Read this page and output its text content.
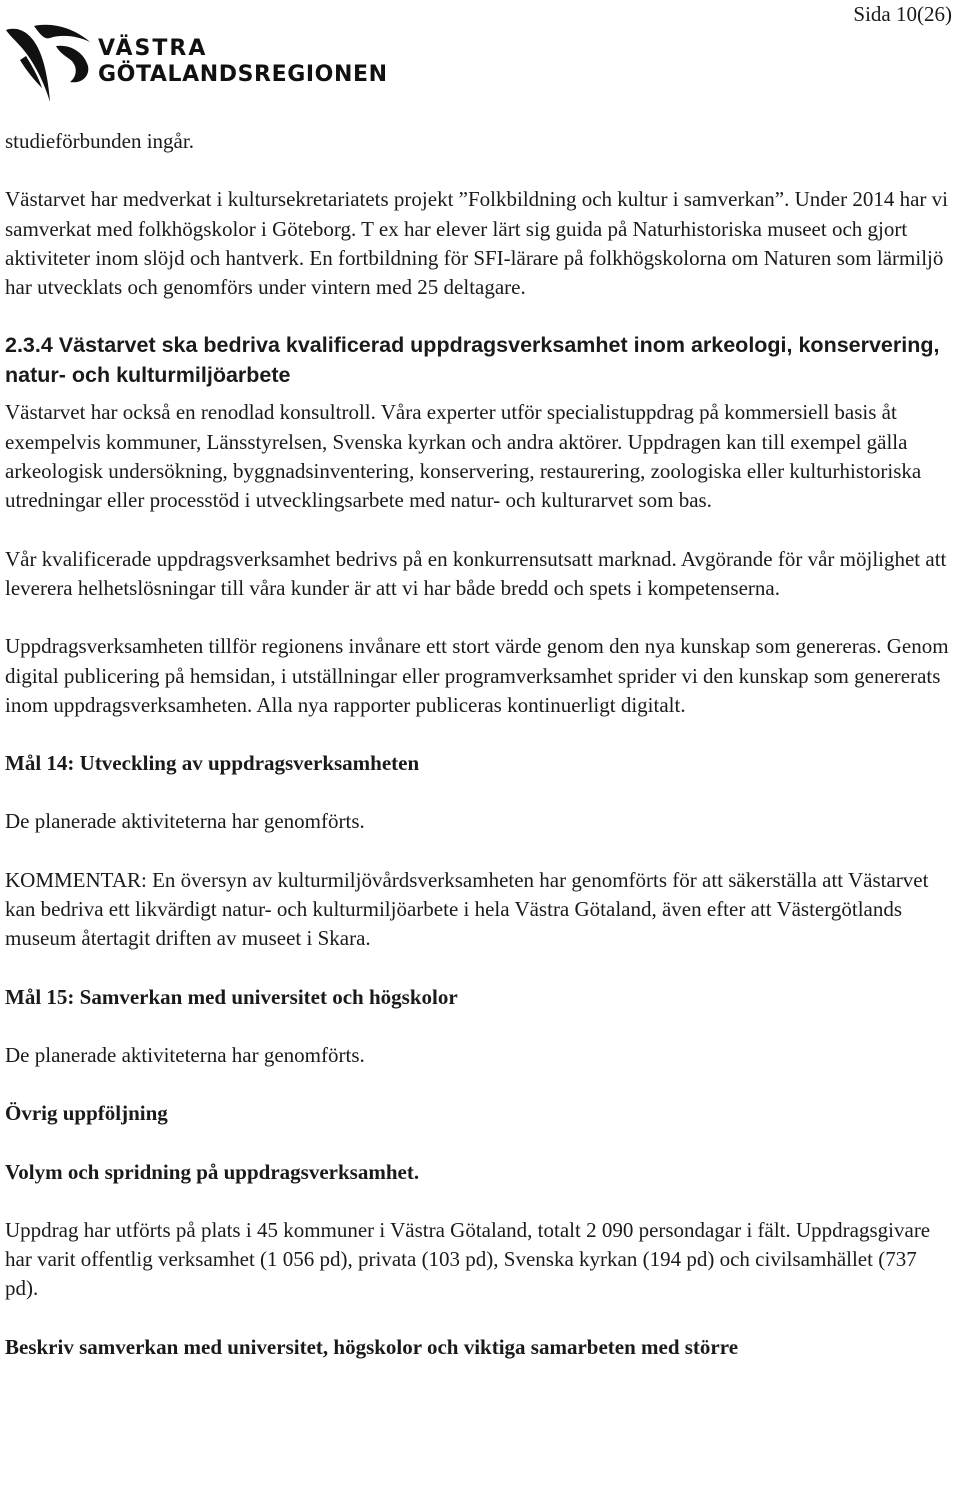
Sida 10(26)
VÄSTRA
GÖTALANDSREGIONEN

studieförbunden ingår.

Västarvet har medverkat i kultursekretariatets projekt ”Folkbildning och kultur i samverkan”. Under 2014 har vi samverkat med folkhögskolor i Göteborg. T ex har elever lärt sig guida på Naturhistoriska museet och gjort aktiviteter inom slöjd och hantverk. En fortbildning för SFI-lärare på folkhögskolorna om Naturen som lärmiljö har utvecklats och genomförs under vintern med 25 deltagare.

2.3.4 Västarvet ska bedriva kvalificerad uppdragsverksamhet inom arkeologi, konservering, natur- och kulturmiljöarbete

Västarvet har också en renodlad konsultroll. Våra experter utför specialistuppdrag på kommersiell basis åt exempelvis kommuner, Länsstyrelsen, Svenska kyrkan och andra aktörer. Uppdragen kan till exempel gälla arkeologisk undersökning, byggnadsinventering, konservering, restaurering, zoologiska eller kulturhistoriska utredningar eller processtöd i utvecklingsarbete med natur- och kulturarvet som bas.

Vår kvalificerade uppdragsverksamhet bedrivs på en konkurrensutsatt marknad. Avgörande för vår möjlighet att leverera helhetslösningar till våra kunder är att vi har både bredd och spets i kompetenserna.

Uppdragsverksamheten tillför regionens invånare ett stort värde genom den nya kunskap som genereras. Genom digital publicering på hemsidan, i utställningar eller programverksamhet sprider vi den kunskap som genererats inom uppdragsverksamheten. Alla nya rapporter publiceras kontinuerligt digitalt.

Mål 14: Utveckling av uppdragsverksamheten

De planerade aktiviteterna har genomförts.

KOMMENTAR: En översyn av kulturmiljövårdsverksamheten har genomförts för att säkerställa att Västarvet kan bedriva ett likvärdigt natur- och kulturmiljöarbete i hela Västra Götaland, även efter att Västergötlands museum återtagit driften av museet i Skara.

Mål 15: Samverkan med universitet och högskolor

De planerade aktiviteterna har genomförts.

Övrig uppföljning

Volym och spridning på uppdragsverksamhet.

Uppdrag har utförts på plats i 45 kommuner i Västra Götaland, totalt 2 090 persondagar i fält. Uppdragsgivare har varit offentlig verksamhet (1 056 pd), privata (103 pd), Svenska kyrkan (194 pd) och civilsamhället (737 pd).

Beskriv samverkan med universitet, högskolor och viktiga samarbeten med större
